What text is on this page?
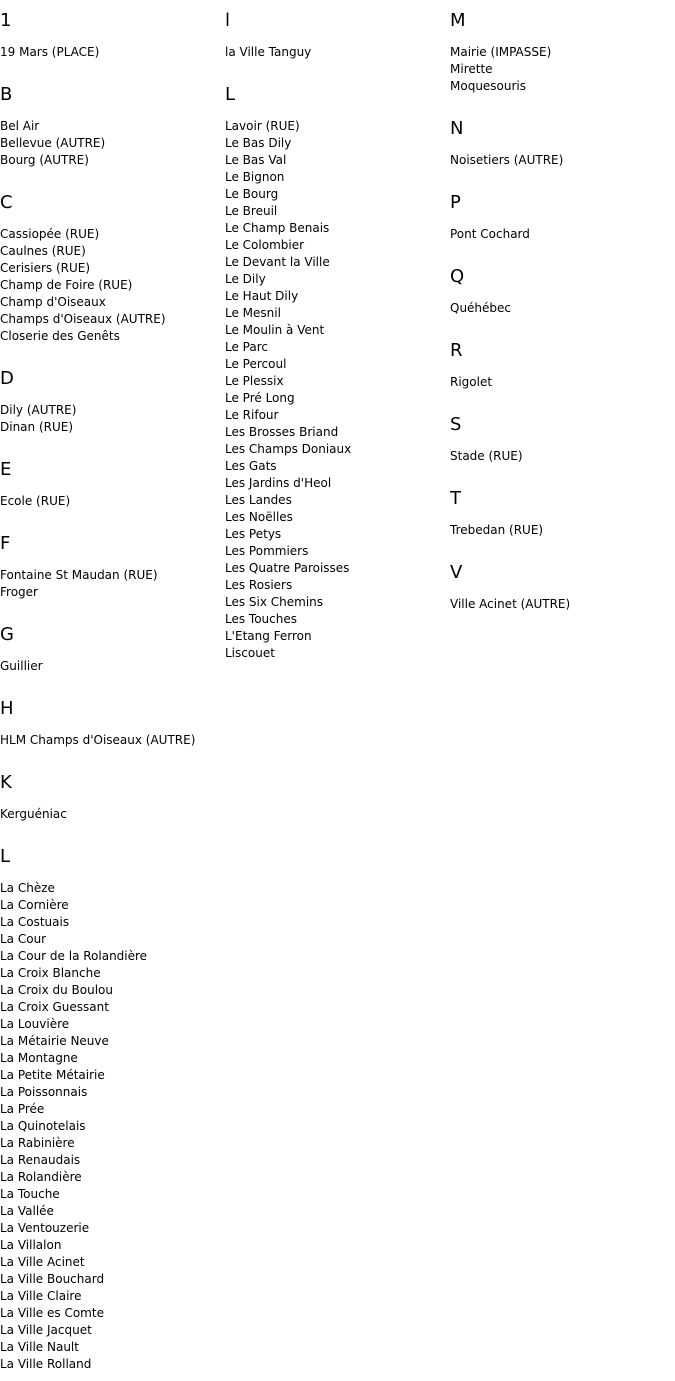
1
19 Mars (PLACE)
B
Bel Air
Bellevue (AUTRE)
Bourg (AUTRE)
C
Cassiopée (RUE)
Caulnes (RUE)
Cerisiers (RUE)
Champ de Foire (RUE)
Champ d'Oiseaux
Champs d'Oiseaux (AUTRE)
Closerie des Genêts
D
Dily (AUTRE)
Dinan (RUE)
E
Ecole (RUE)
F
Fontaine St Maudan (RUE)
Froger
G
Guillier
H
HLM Champs d'Oiseaux (AUTRE)
K
Kerguéniac
L
La Chèze
La Cornière
La Costuais
La Cour
La Cour de la Rolandière
La Croix Blanche
La Croix du Boulou
La Croix Guessant
La Louvière
La Métairie Neuve
La Montagne
La Petite Métairie
La Poissonnais
La Prée
La Quinotelais
La Rabinière
La Renaudais
La Rolandière
La Touche
La Vallée
La Ventouzerie
La Villalon
La Ville Acinet
La Ville Bouchard
La Ville Claire
La Ville es Comte
La Ville Jacquet
La Ville Nault
La Ville Rolland
l
la Ville Tanguy
L
Lavoir (RUE)
Le Bas Dily
Le Bas Val
Le Bignon
Le Bourg
Le Breuil
Le Champ Benais
Le Colombier
Le Devant la Ville
Le Dily
Le Haut Dily
Le Mesnil
Le Moulin à Vent
Le Parc
Le Percoul
Le Plessix
Le Pré Long
Le Rifour
Les Brosses Briand
Les Champs Doniaux
Les Gats
Les Jardins d'Heol
Les Landes
Les Noëlles
Les Petys
Les Pommiers
Les Quatre Paroisses
Les Rosiers
Les Six Chemins
Les Touches
L'Etang Ferron
Liscouet
M
Mairie (IMPASSE)
Mirette
Moquesouris
N
Noisetiers (AUTRE)
P
Pont Cochard
Q
Quéhébec
R
Rigolet
S
Stade (RUE)
T
Trebedan (RUE)
V
Ville Acinet (AUTRE)
